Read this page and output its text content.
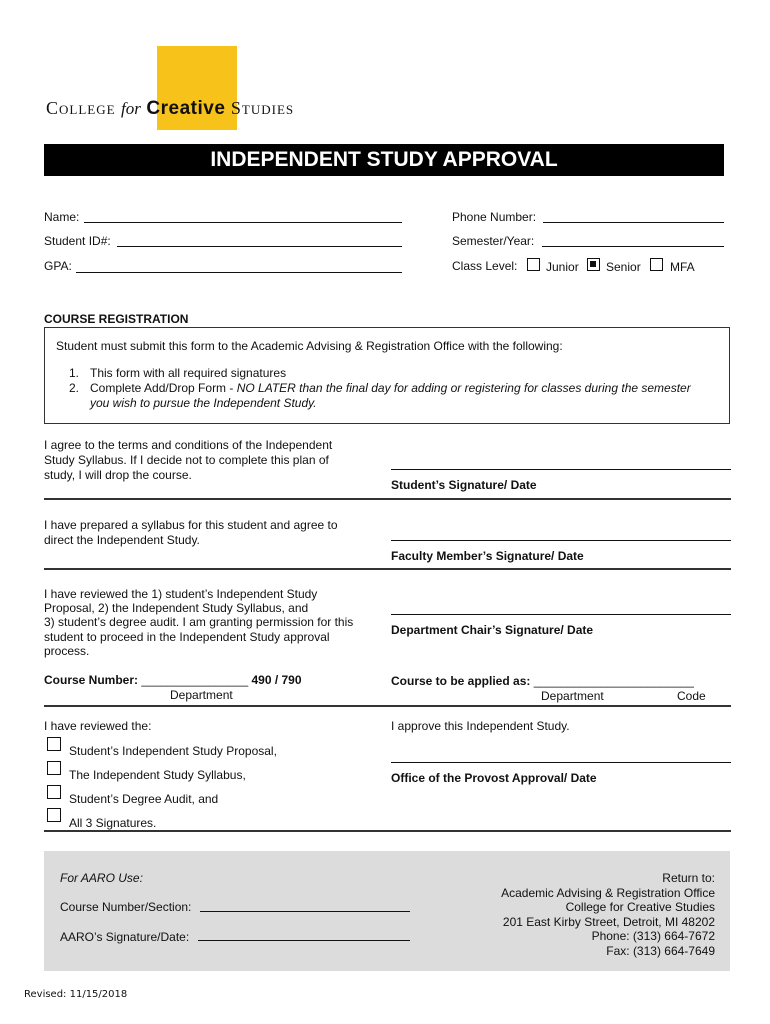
College for Creative Studies
INDEPENDENT STUDY APPROVAL
Name:
Student ID#:
GPA:
Phone Number:
Semester/Year:
Class Level: Junior Senior MFA
COURSE REGISTRATION
Student must submit this form to the Academic Advising & Registration Office with the following:
1. This form with all required signatures
2. Complete Add/Drop Form - NO LATER than the final day for adding or registering for classes during the semester
you wish to pursue the Independent Study.
I agree to the terms and conditions of the Independent
Study Syllabus. If I decide not to complete this plan of
study, I will drop the course.
Student’s Signature/ Date
I have prepared a syllabus for this student and agree to
direct the Independent Study.
Faculty Member’s Signature/ Date
I have reviewed the 1) student’s Independent Study
Proposal, 2) the Independent Study Syllabus, and
3) student’s degree audit. I am granting permission for this
student to proceed in the Independent Study approval
process.
Department Chair’s Signature/ Date
Course Number: ________________ 490 / 790
Department
Course to be applied as: ________________________
Department	Code
I have reviewed the:
Student’s Independent Study Proposal,
The Independent Study Syllabus,
Student’s Degree Audit, and
All 3 Signatures.
I approve this Independent Study.
Office of the Provost Approval/ Date
For AARO Use:
Course Number/Section:
AARO’s Signature/Date:
Return to:
Academic Advising & Registration Office
College for Creative Studies
201 East Kirby Street, Detroit, MI 48202
Phone: (313) 664-7672
Fax: (313) 664-7649
Revised: 11/15/2018
